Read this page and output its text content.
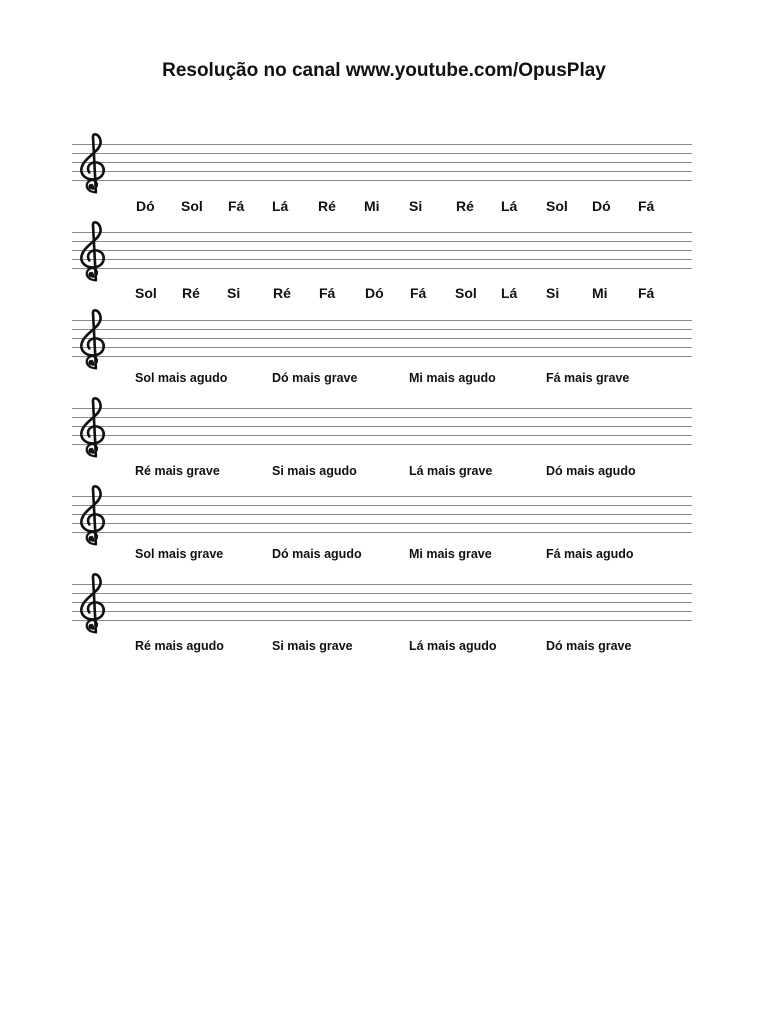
Resolução no canal www.youtube.com/OpusPlay
Dó Sol Fá Lá Ré Mi Si Ré Lá Sol Dó Fá
Sol Ré Si Ré Fá Dó Fá Sol Lá Si Mi Fá
Sol mais agudo	Dó mais grave	Mi mais agudo	Fá mais grave
Ré mais grave	Si mais agudo	Lá mais grave	Dó mais agudo
Sol mais grave	Dó mais agudo	Mi mais grave	Fá mais agudo
Ré mais agudo	Si mais grave	Lá mais agudo	Dó mais grave
